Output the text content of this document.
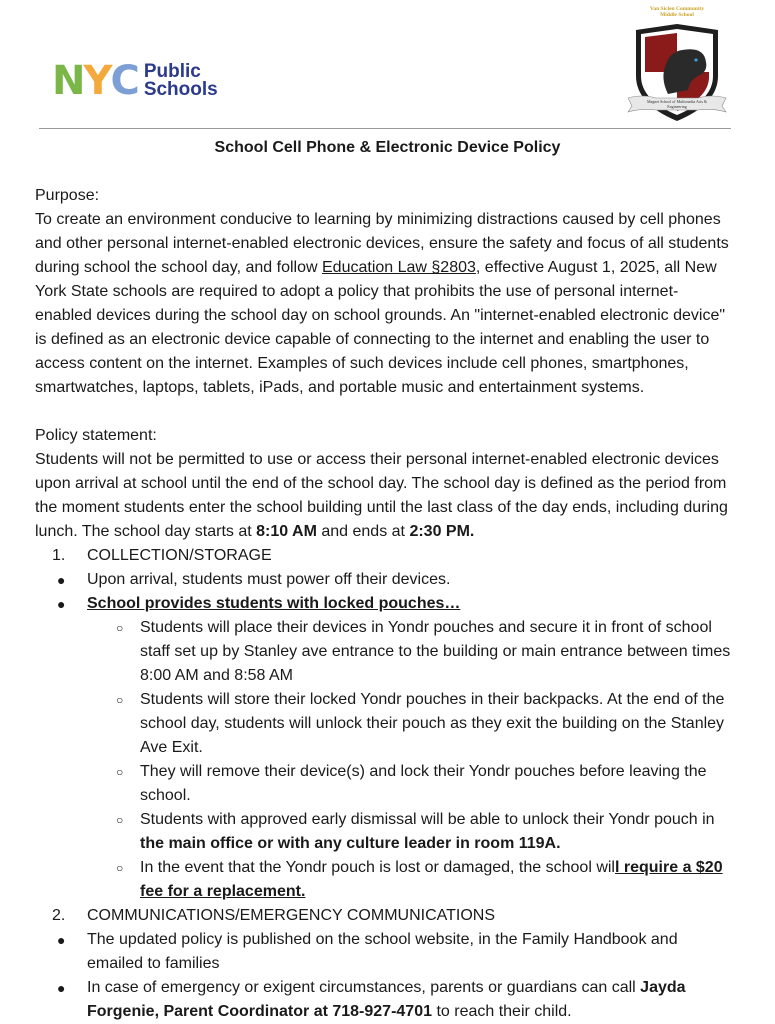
N Y C Public
Schools
Van Siclen Community
Middle School
Magnet School of Multimedia Arts &
Engineering
School Cell Phone & Electronic Device Policy

Purpose:

To create an environment conducive to learning by minimizing distractions caused by cell phones and other personal internet-enabled electronic devices, ensure the safety and focus of all students during school the school day, and follow Education Law §2803, effective August 1, 2025, all New York State schools are required to adopt a policy that prohibits the use of personal internet-enabled devices during the school day on school grounds. An "internet-enabled electronic device" is defined as an electronic device capable of connecting to the internet and enabling the user to access content on the internet. Examples of such devices include cell phones, smartphones, smartwatches, laptops, tablets, iPads, and portable music and entertainment systems.

Policy statement:

Students will not be permitted to use or access their personal internet-enabled electronic devices upon arrival at school until the end of the school day. The school day is defined as the period from the moment students enter the school building until the last class of the day ends, including during lunch. The school day starts at 8:10 AM and ends at 2:30 PM.

1. COLLECTION/STORAGE
● Upon arrival, students must power off their devices.
● School provides students with locked pouches…
○ Students will place their devices in Yondr pouches and secure it in front of school staff set up by Stanley ave entrance to the building or main entrance between times 8:00 AM and 8:58 AM
○ Students will store their locked Yondr pouches in their backpacks. At the end of the school day, students will unlock their pouch as they exit the building on the Stanley Ave Exit.
○ They will remove their device(s) and lock their Yondr pouches before leaving the school.
○ Students with approved early dismissal will be able to unlock their Yondr pouch in the main office or with any culture leader in room 119A.
○ In the event that the Yondr pouch is lost or damaged, the school will require a $20 fee for a replacement.
2. COMMUNICATIONS/EMERGENCY COMMUNICATIONS
● The updated policy is published on the school website, in the Family Handbook and emailed to families
● In case of emergency or exigent circumstances, parents or guardians can call Jayda Forgenie, Parent Coordinator at 718-927-4701 to reach their child.
